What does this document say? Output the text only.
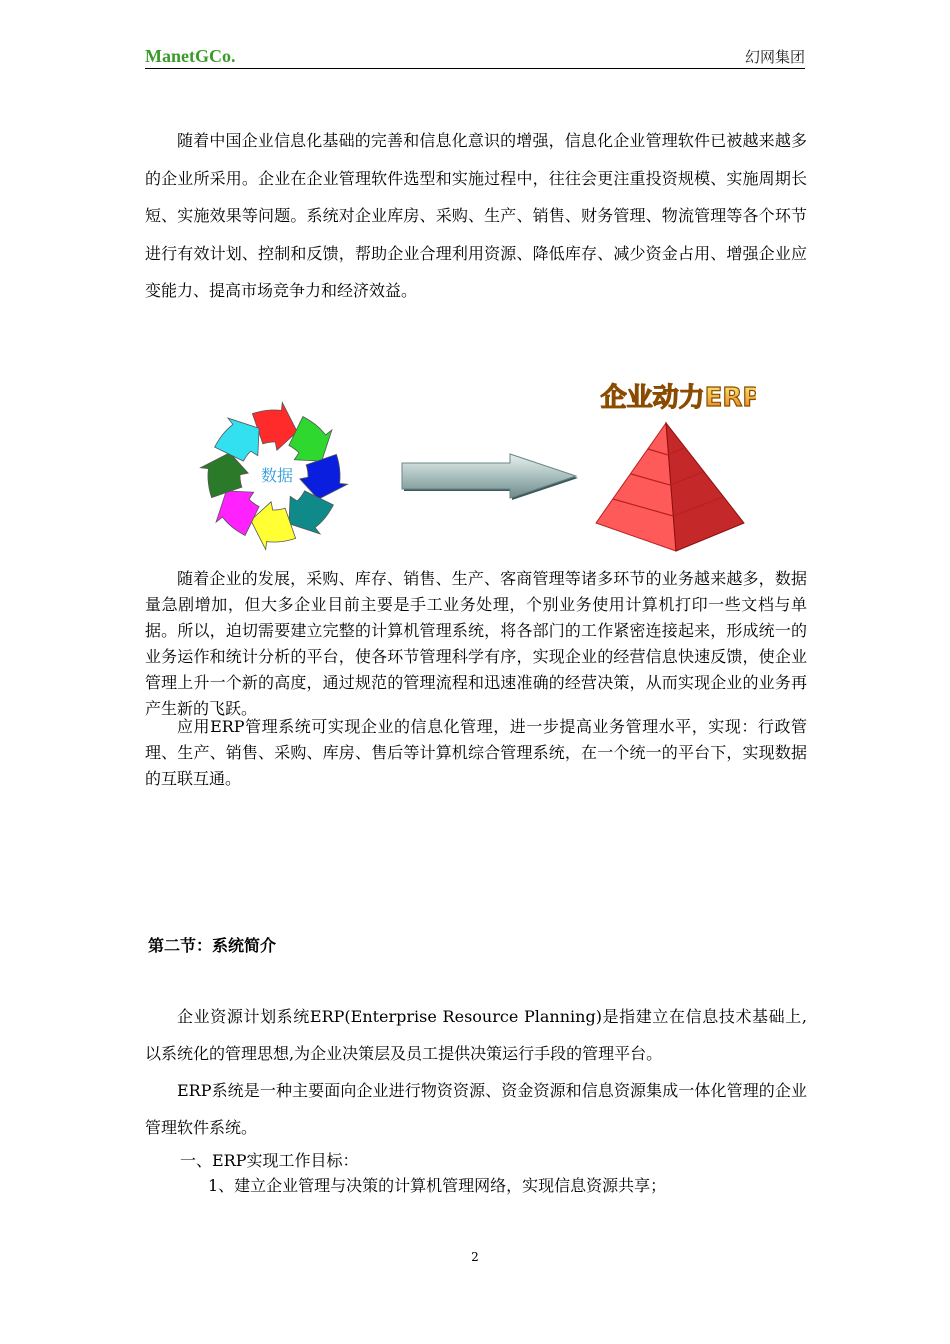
ManetGCo.	幻网集团

随着中国企业信息化基础的完善和信息化意识的增强，信息化企业管理软件已被越来越多的企业所采用。企业在企业管理软件选型和实施过程中，往往会更注重投资规模、实施周期长短、实施效果等问题。系统对企业库房、采购、生产、销售、财务管理、物流管理等各个环节进行有效计划、控制和反馈，帮助企业合理利用资源、降低库存、减少资金占用、增强企业应变能力、提高市场竞争力和经济效益。

数据
企业动力ERP

随着企业的发展，采购、库存、销售、生产、客商管理等诸多环节的业务越来越多，数据量急剧增加，但大多企业目前主要是手工业务处理，个别业务使用计算机打印一些文档与单据。所以，迫切需要建立完整的计算机管理系统，将各部门的工作紧密连接起来，形成统一的业务运作和统计分析的平台，使各环节管理科学有序，实现企业的经营信息快速反馈，使企业管理上升一个新的高度，通过规范的管理流程和迅速准确的经营决策，从而实现企业的业务再产生新的飞跃。

应用ERP管理系统可实现企业的信息化管理，进一步提高业务管理水平，实现：行政管理、生产、销售、采购、库房、售后等计算机综合管理系统，在一个统一的平台下，实现数据的互联互通。

第二节：系统简介

企业资源计划系统ERP(Enterprise Resource Planning)是指建立在信息技术基础上,以系统化的管理思想,为企业决策层及员工提供决策运行手段的管理平台。

ERP系统是一种主要面向企业进行物资资源、资金资源和信息资源集成一体化管理的企业管理软件系统。

一、ERP实现工作目标：

1、建立企业管理与决策的计算机管理网络，实现信息资源共享；

2
